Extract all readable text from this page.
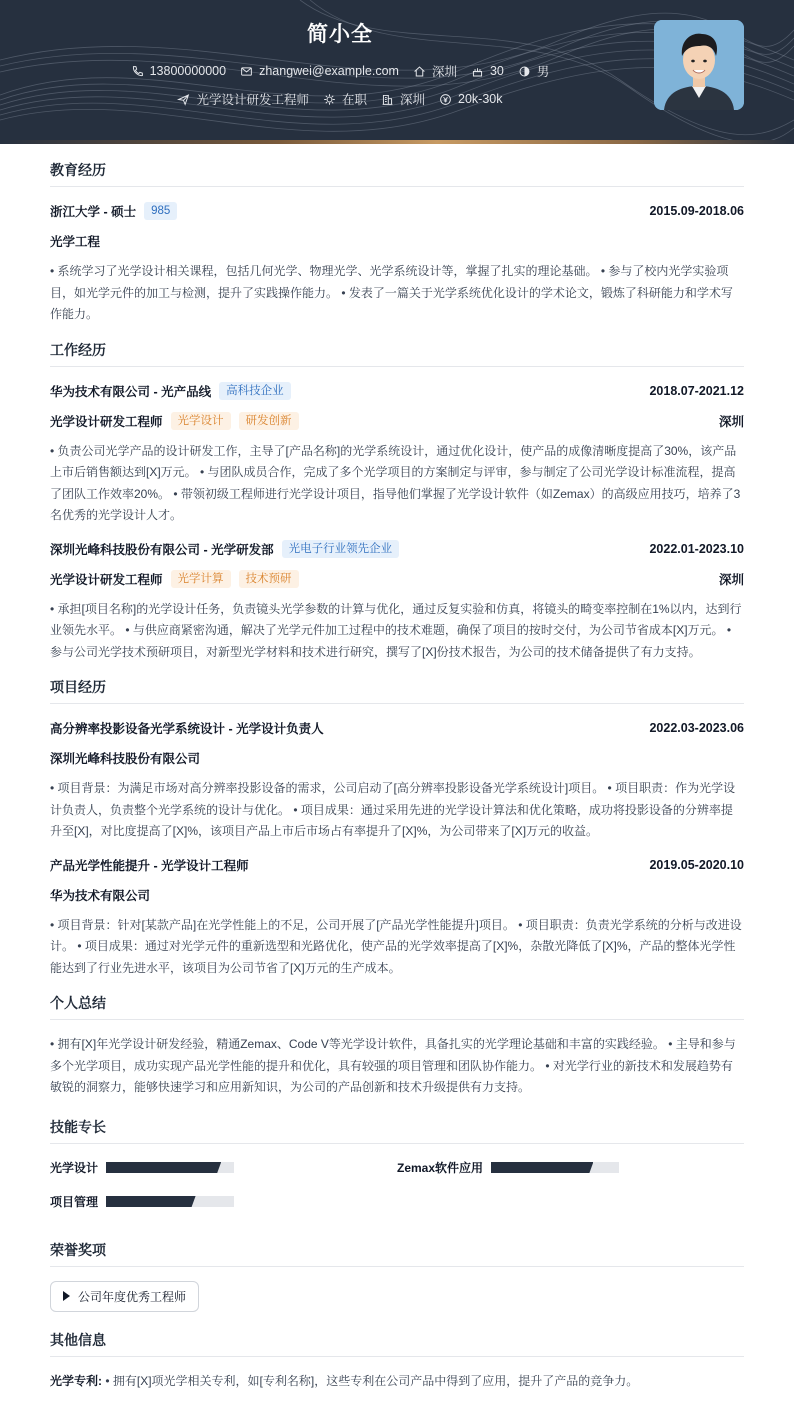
简小全
13800000000	zhangwei@example.com	深圳	30	男
光学设计研发工程师	在职	深圳	20k-30k
教育经历
浙江大学 - 硕士	985	2015.09-2018.06
光学工程
• 系统学习了光学设计相关课程，包括几何光学、物理光学、光学系统设计等，掌握了扎实的理论基础。 • 参与了校内光学实验项目，如光学元件的加工与检测，提升了实践操作能力。 • 发表了一篇关于光学系统优化设计的学术论文，锻炼了科研能力和学术写作能力。
工作经历
华为技术有限公司 - 光产品线	高科技企业	2018.07-2021.12
光学设计研发工程师	光学设计	研发创新	深圳
• 负责公司光学产品的设计研发工作，主导了[产品名称]的光学系统设计，通过优化设计，使产品的成像清晰度提高了30%，该产品上市后销售额达到[X]万元。 • 与团队成员合作，完成了多个光学项目的方案制定与评审，参与制定了公司光学设计标准流程，提高了团队工作效率20%。 • 带领初级工程师进行光学设计项目，指导他们掌握了光学设计软件（如Zemax）的高级应用技巧，培养了3名优秀的光学设计人才。
深圳光峰科技股份有限公司 - 光学研发部	光电子行业领先企业	2022.01-2023.10
光学设计研发工程师	光学计算	技术预研	深圳
• 承担[项目名称]的光学设计任务，负责镜头光学参数的计算与优化，通过反复实验和仿真，将镜头的畸变率控制在1%以内，达到行业领先水平。 • 与供应商紧密沟通，解决了光学元件加工过程中的技术难题，确保了项目的按时交付，为公司节省成本[X]万元。 • 参与公司光学技术预研项目，对新型光学材料和技术进行研究，撰写了[X]份技术报告，为公司的技术储备提供了有力支持。
项目经历
高分辨率投影设备光学系统设计 - 光学设计负责人	2022.03-2023.06
深圳光峰科技股份有限公司
• 项目背景：为满足市场对高分辨率投影设备的需求，公司启动了[高分辨率投影设备光学系统设计]项目。 • 项目职责：作为光学设计负责人，负责整个光学系统的设计与优化。 • 项目成果：通过采用先进的光学设计算法和优化策略，成功将投影设备的分辨率提升至[X]，对比度提高了[X]%，该项目产品上市后市场占有率提升了[X]%，为公司带来了[X]万元的收益。
产品光学性能提升 - 光学设计工程师	2019.05-2020.10
华为技术有限公司
• 项目背景：针对[某款产品]在光学性能上的不足，公司开展了[产品光学性能提升]项目。 • 项目职责：负责光学系统的分析与改进设计。 • 项目成果：通过对光学元件的重新选型和光路优化，使产品的光学效率提高了[X]%，杂散光降低了[X]%，产品的整体光学性能达到了行业先进水平，该项目为公司节省了[X]万元的生产成本。
个人总结
• 拥有[X]年光学设计研发经验，精通Zemax、Code V等光学设计软件，具备扎实的光学理论基础和丰富的实践经验。 • 主导和参与多个光学项目，成功实现产品光学性能的提升和优化，具有较强的项目管理和团队协作能力。 • 对光学行业的新技术和发展趋势有敏锐的洞察力，能够快速学习和应用新知识，为公司的产品创新和技术升级提供有力支持。
技能专长
光学设计	Zemax软件应用
项目管理
荣誉奖项
公司年度优秀工程师
其他信息
光学专利: • 拥有[X]项光学相关专利，如[专利名称]，这些专利在公司产品中得到了应用，提升了产品的竞争力。
